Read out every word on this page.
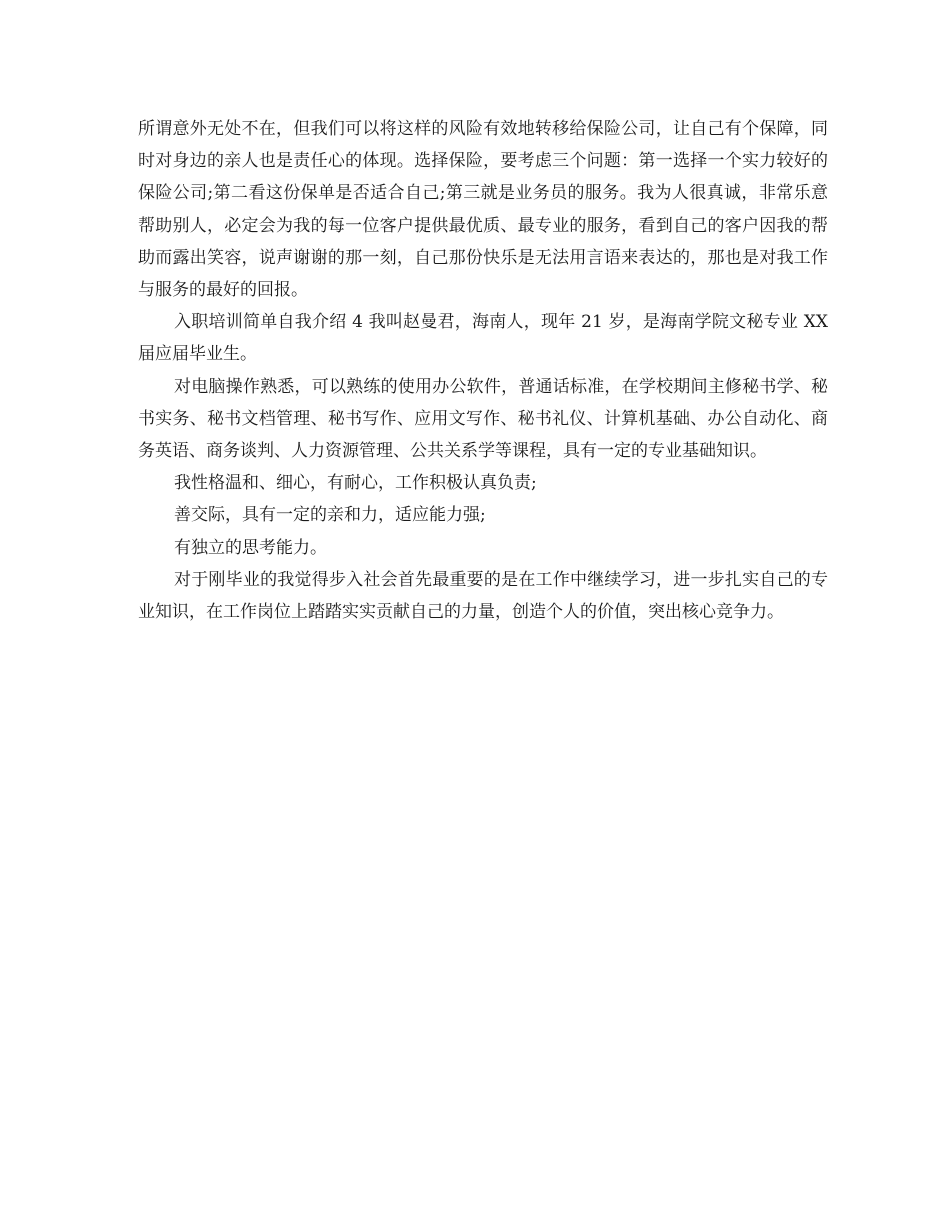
所谓意外无处不在，但我们可以将这样的风险有效地转移给保险公司，让自己有个保障，同时对身边的亲人也是责任心的体现。选择保险，要考虑三个问题：第一选择一个实力较好的保险公司;第二看这份保单是否适合自己;第三就是业务员的服务。我为人很真诚，非常乐意帮助别人，必定会为我的每一位客户提供最优质、最专业的服务，看到自己的客户因我的帮助而露出笑容，说声谢谢的那一刻，自己那份快乐是无法用言语来表达的，那也是对我工作与服务的最好的回报。

入职培训简单自我介绍 4 我叫赵曼君，海南人，现年 21 岁，是海南学院文秘专业 XX 届应届毕业生。

对电脑操作熟悉，可以熟练的使用办公软件，普通话标准，在学校期间主修秘书学、秘书实务、秘书文档管理、秘书写作、应用文写作、秘书礼仪、计算机基础、办公自动化、商务英语、商务谈判、人力资源管理、公共关系学等课程，具有一定的专业基础知识。

我性格温和、细心，有耐心，工作积极认真负责;

善交际，具有一定的亲和力，适应能力强;

有独立的思考能力。

对于刚毕业的我觉得步入社会首先最重要的是在工作中继续学习，进一步扎实自己的专业知识，在工作岗位上踏踏实实贡献自己的力量，创造个人的价值，突出核心竞争力。
